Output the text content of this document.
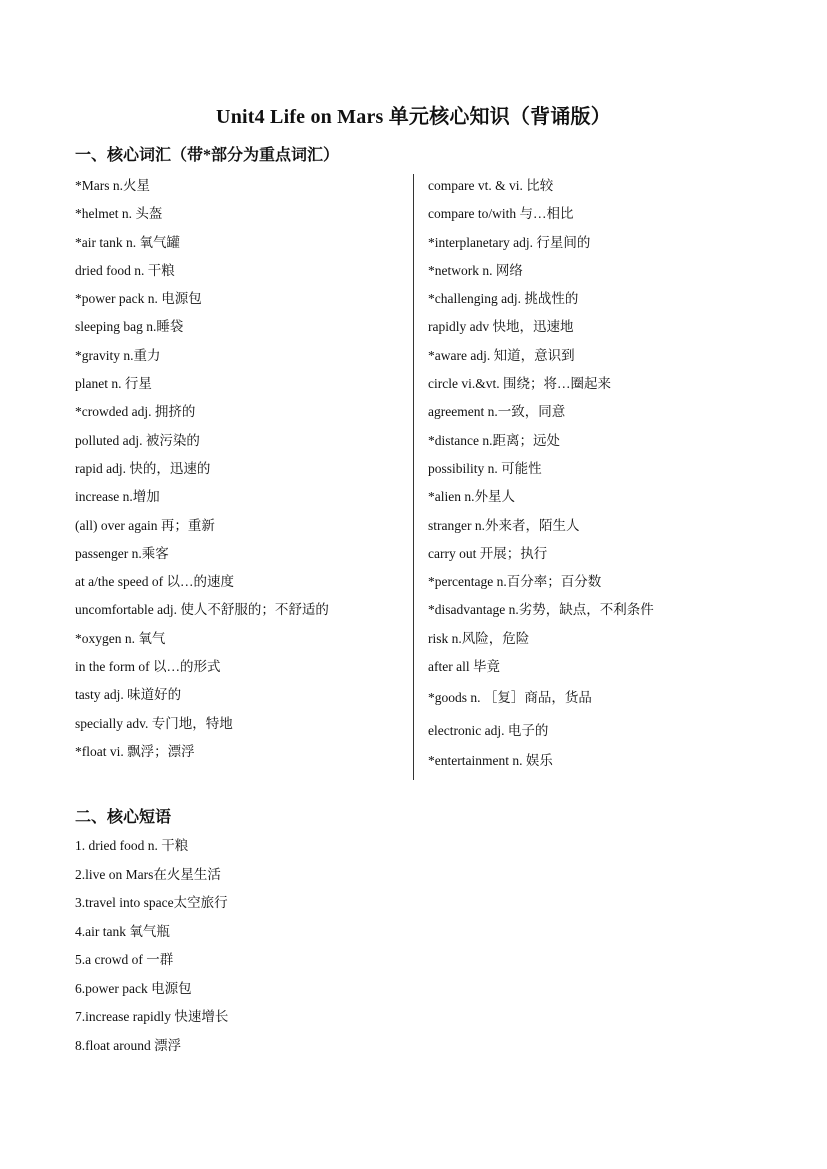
Unit4 Life on Mars 单元核心知识（背诵版）
一、核心词汇（带*部分为重点词汇）
*Mars n.火星
*helmet n. 头盔
*air tank n. 氧气罐
dried food n. 干粮
*power pack n. 电源包
sleeping bag n.睡袋
*gravity n.重力
planet n. 行星
*crowded adj. 拥挤的
polluted adj. 被污染的
rapid adj. 快的，迅速的
increase n.增加
(all) over again 再；重新
passenger n.乘客
at a/the speed of 以…的速度
uncomfortable adj. 使人不舒服的；不舒适的
*oxygen n. 氧气
in the form of 以…的形式
tasty adj. 味道好的
specially adv. 专门地，特地
*float vi. 飘浮；漂浮
compare vt. & vi. 比较
compare to/with 与…相比
*interplanetary adj. 行星间的
*network n. 网络
*challenging adj. 挑战性的
rapidly adv 快地，迅速地
*aware adj. 知道，意识到
circle vi.&vt. 围绕；将…圈起来
agreement n.一致，同意
*distance n.距离；远处
possibility n. 可能性
*alien n.外星人
stranger n.外来者，陌生人
carry out 开展；执行
*percentage n.百分率；百分数
*disadvantage n.劣势，缺点，不利条件
risk n.风险，危险
after all 毕竟
*goods n. ［复］商品，货品
electronic adj. 电子的
*entertainment n. 娱乐
二、核心短语
1. dried food n. 干粮
2.live on Mars在火星生活
3.travel into space太空旅行
4.air tank 氧气瓶
5.a crowd of 一群
6.power pack 电源包
7.increase rapidly 快速增长
8.float around 漂浮
